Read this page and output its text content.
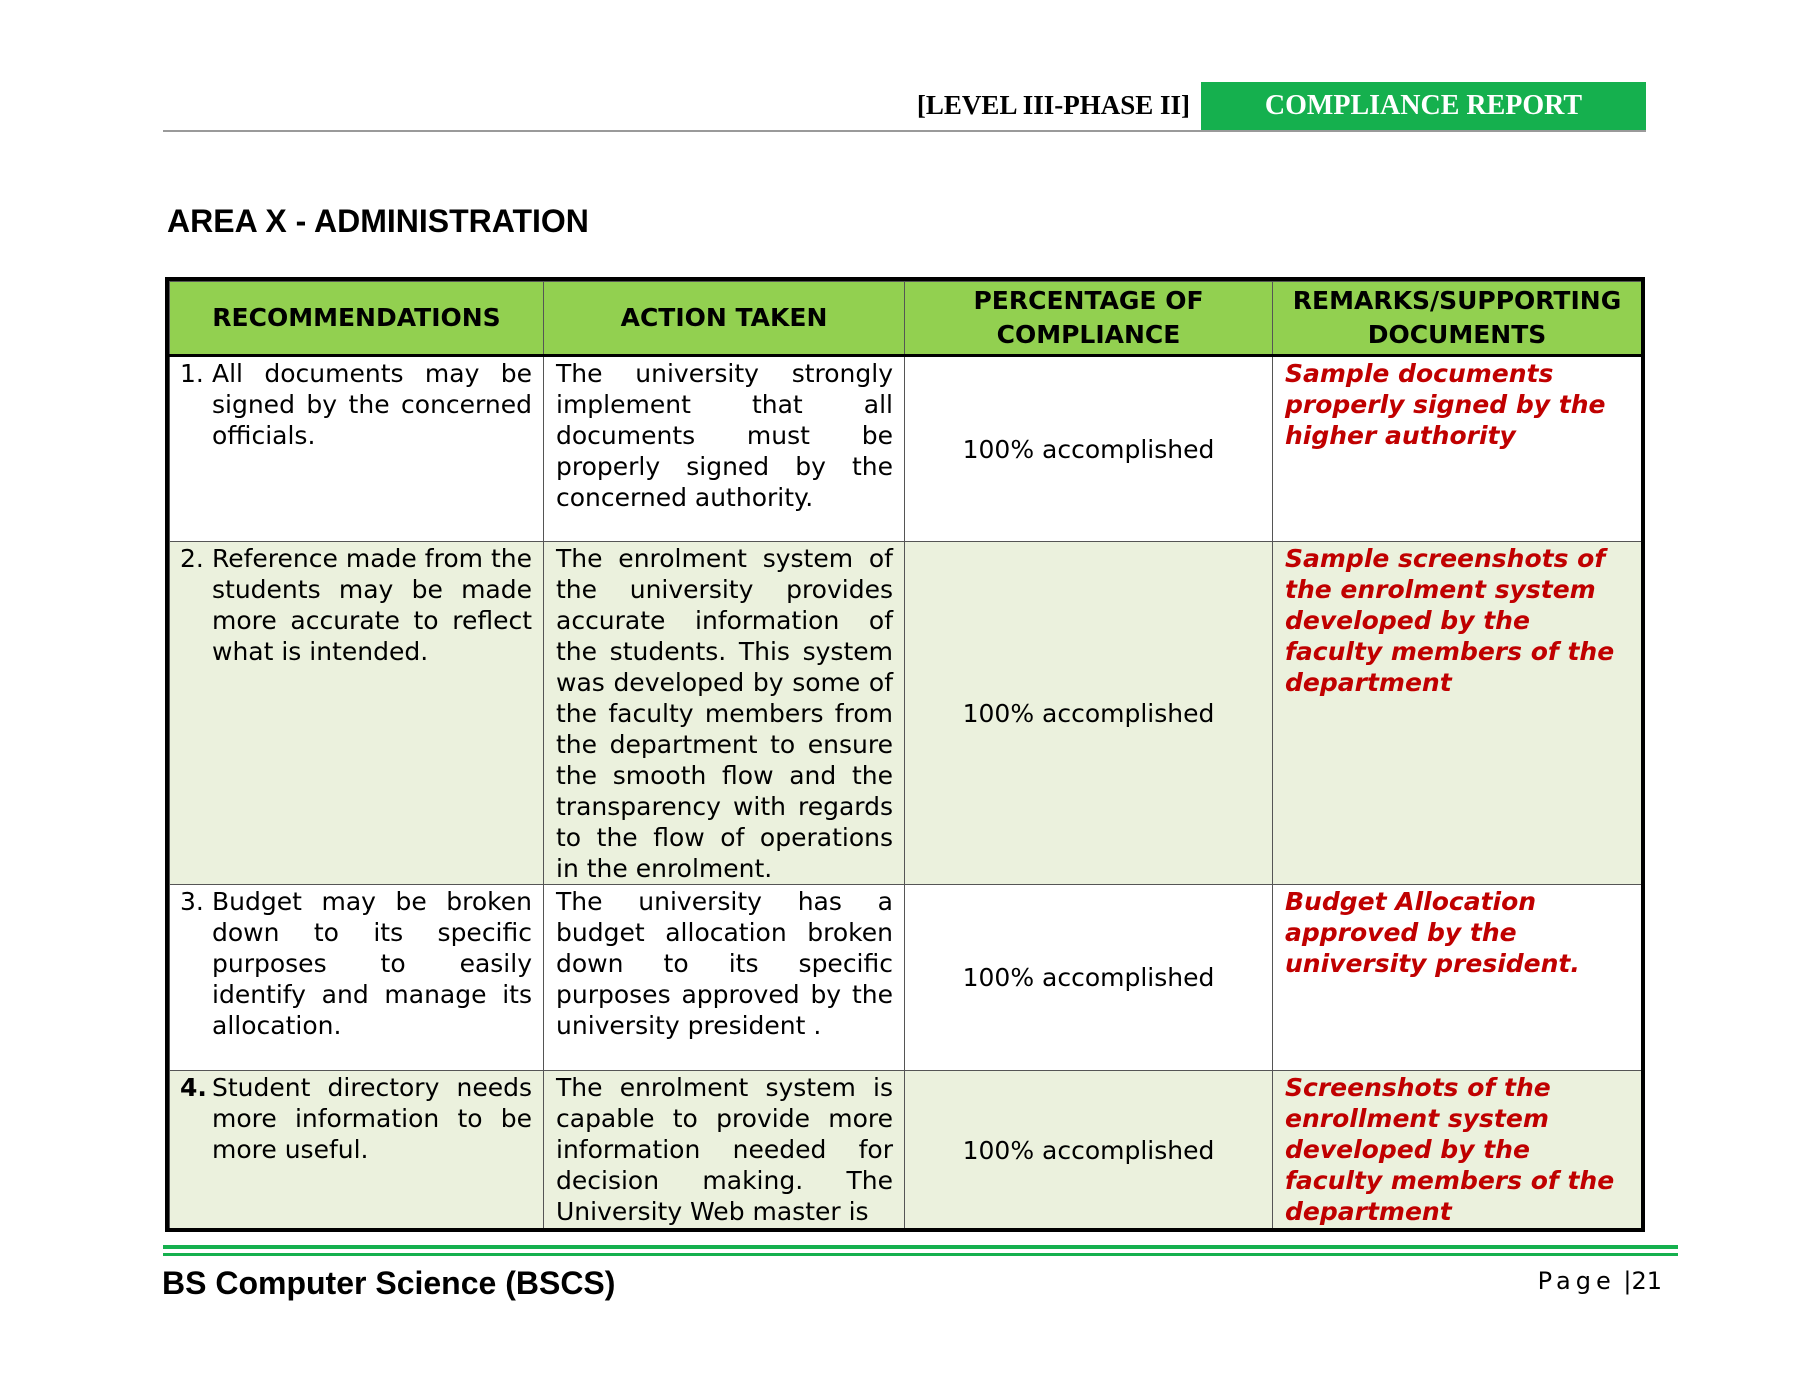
[LEVEL III-PHASE II]	COMPLIANCE REPORT
AREA X - ADMINISTRATION
RECOMMENDATIONS	ACTION TAKEN	PERCENTAGE OF COMPLIANCE	REMARKS/SUPPORTING DOCUMENTS

1. All documents may be signed by the concerned officials.	The university strongly implement that all documents must be properly signed by the concerned authority.	100% accomplished	Sample documents properly signed by the higher authority

2. Reference made from the students may be made more accurate to reflect what is intended.	The enrolment system of the university provides accurate information of the students. This system was developed by some of the faculty members from the department to ensure the smooth flow and the transparency with regards to the flow of operations in the enrolment.	100% accomplished	Sample screenshots of the enrolment system developed by the faculty members of the department

3. Budget may be broken down to its specific purposes to easily identify and manage its allocation.	The university has a budget allocation broken down to its specific purposes approved by the university president .	100% accomplished	Budget Allocation approved by the university president.

4. Student directory needs more information to be more useful.	The enrolment system is capable to provide more information needed for decision making. The University Web master is	100% accomplished	Screenshots of the enrollment system developed by the faculty members of the department
BS Computer Science (BSCS)	Page |21
